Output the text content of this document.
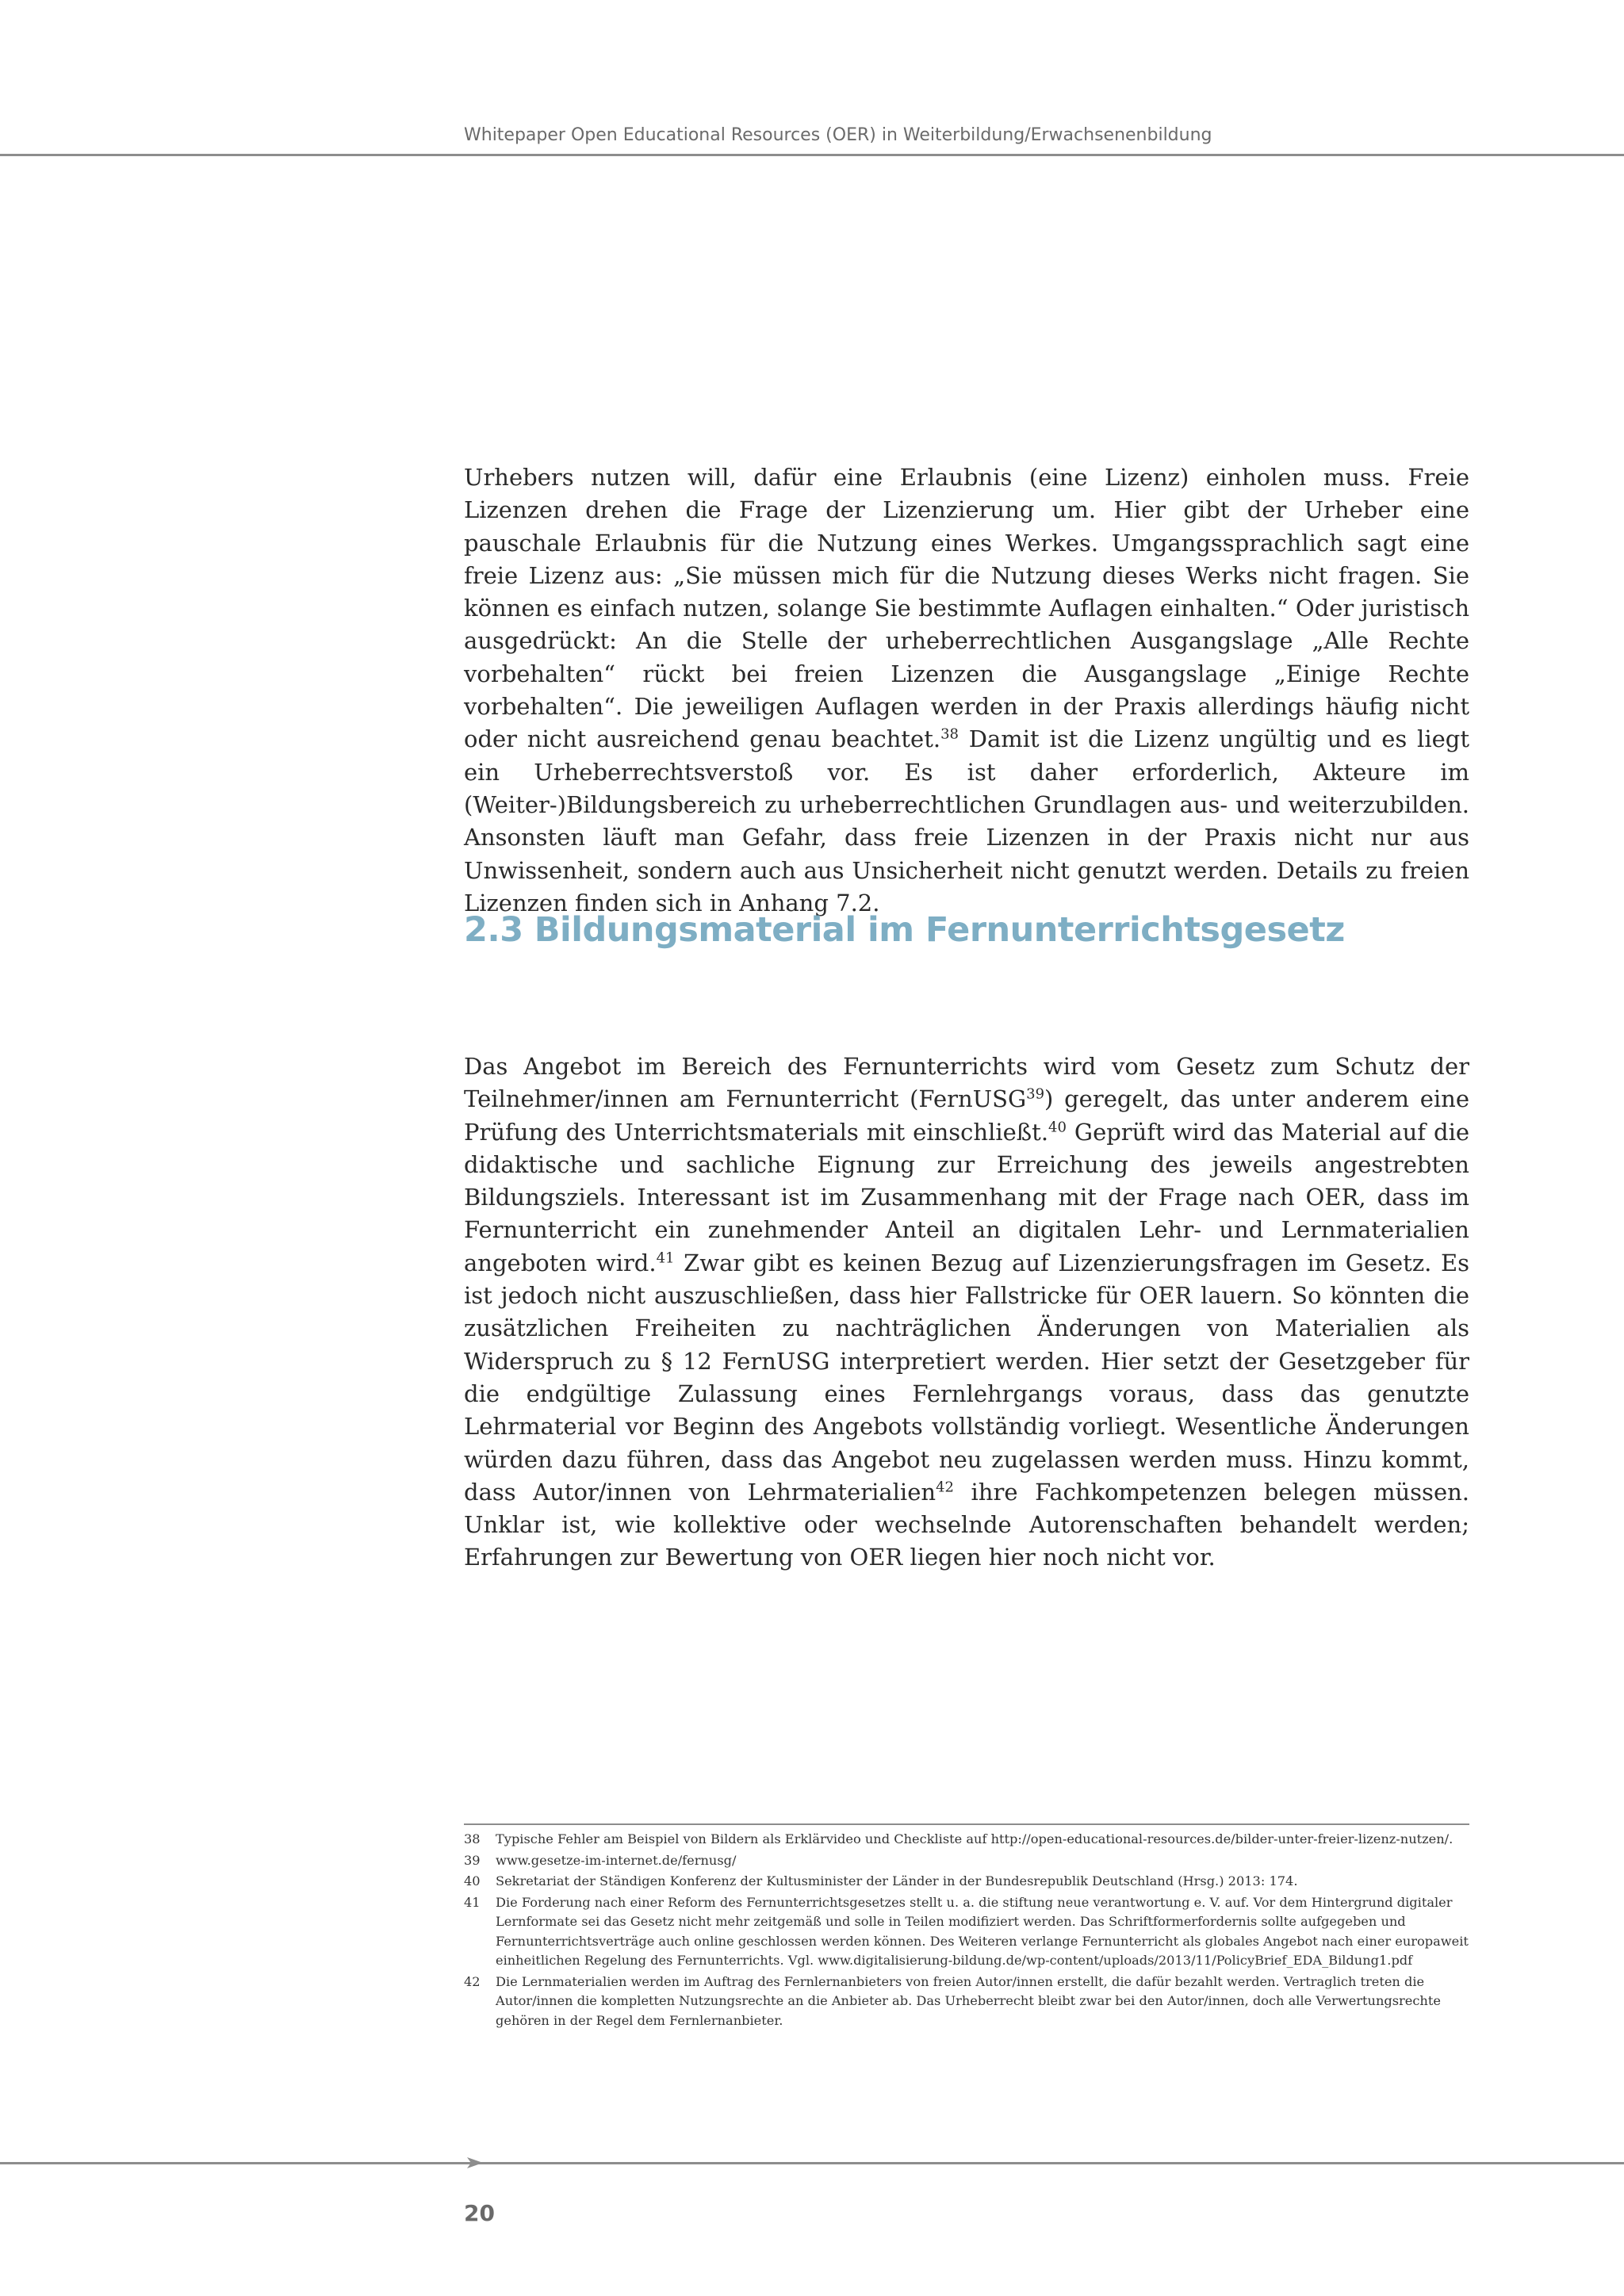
Whitepaper Open Educational Resources (OER) in Weiterbildung/Erwachsenenbildung

Urhebers nutzen will, dafür eine Erlaubnis (eine Lizenz) einholen muss. Freie Lizenzen drehen die Frage der Lizenzierung um. Hier gibt der Urheber eine pauschale Erlaubnis für die Nutzung eines Werkes. Umgangssprachlich sagt eine freie Lizenz aus: „Sie müssen mich für die Nutzung dieses Werks nicht fragen. Sie können es einfach nutzen, solange Sie bestimmte Auflagen einhalten.“ Oder juristisch ausgedrückt: An die Stelle der urheberrechtlichen Ausgangslage „Alle Rechte vorbehalten“ rückt bei freien Lizenzen die Ausgangslage „Einige Rechte vorbehalten“. Die jeweiligen Auflagen werden in der Praxis allerdings häufig nicht oder nicht ausreichend genau beachtet.$^{38}$ Damit ist die Lizenz ungültig und es liegt ein Urheberrechtsverstoß vor. Es ist daher erforderlich, Akteure im (Weiter-)Bildungsbereich zu urheberrechtlichen Grundlagen aus- und weiterzubilden. Ansonsten läuft man Gefahr, dass freie Lizenzen in der Praxis nicht nur aus Unwissenheit, sondern auch aus Unsicherheit nicht genutzt werden. Details zu freien Lizenzen finden sich in Anhang 7.2.

2.3 Bildungsmaterial im Fernunterrichtsgesetz

Das Angebot im Bereich des Fernunterrichts wird vom Gesetz zum Schutz der Teilnehmer/innen am Fernunterricht (FernUSG$^{39}$) geregelt, das unter anderem eine Prüfung des Unterrichtsmaterials mit einschließt.$^{40}$ Geprüft wird das Material auf die didaktische und sachliche Eignung zur Erreichung des jeweils angestrebten Bildungsziels. Interessant ist im Zusammenhang mit der Frage nach OER, dass im Fernunterricht ein zunehmender Anteil an digitalen Lehr- und Lernmaterialien angeboten wird.$^{41}$ Zwar gibt es keinen Bezug auf Lizenzierungsfragen im Gesetz. Es ist jedoch nicht auszuschließen, dass hier Fallstricke für OER lauern. So könnten die zusätzlichen Freiheiten zu nachträglichen Änderungen von Materialien als Widerspruch zu § 12 FernUSG interpretiert werden. Hier setzt der Gesetzgeber für die endgültige Zulassung eines Fernlehrgangs voraus, dass das genutzte Lehrmaterial vor Beginn des Angebots vollständig vorliegt. Wesentliche Änderungen würden dazu führen, dass das Angebot neu zugelassen werden muss. Hinzu kommt, dass Autor/innen von Lehrmaterialien$^{42}$ ihre Fachkompetenzen belegen müssen. Unklar ist, wie kollektive oder wechselnde Autorenschaften behandelt werden; Erfahrungen zur Bewertung von OER liegen hier noch nicht vor.

38 Typische Fehler am Beispiel von Bildern als Erklärvideo und Checkliste auf http://open-educational-resources.de/bilder-unter-freier-lizenz-nutzen/.
39 www.gesetze-im-internet.de/fernusg/
40 Sekretariat der Ständigen Konferenz der Kultusminister der Länder in der Bundesrepublik Deutschland (Hrsg.) 2013: 174.
41 Die Forderung nach einer Reform des Fernunterrichtsgesetzes stellt u. a. die stiftung neue verantwortung e. V. auf. Vor dem Hintergrund digitaler Lernformate sei das Gesetz nicht mehr zeitgemäß und solle in Teilen modifiziert werden. Das Schriftformerfordernis sollte aufgegeben und Fernunterrichtsverträge auch online geschlossen werden können. Des Weiteren verlange Fernunterricht als globales Angebot nach einer europaweit einheitlichen Regelung des Fernunterrichts. Vgl. www.digitalisierung-bildung.de/wp-content/uploads/2013/11/PolicyBrief_EDA_Bildung1.pdf
42 Die Lernmaterialien werden im Auftrag des Fernlernanbieters von freien Autor/innen erstellt, die dafür bezahlt werden. Vertraglich treten die Autor/innen die kompletten Nutzungsrechte an die Anbieter ab. Das Urheberrecht bleibt zwar bei den Autor/innen, doch alle Verwertungsrechte gehören in der Regel dem Fernlernanbieter.
20
